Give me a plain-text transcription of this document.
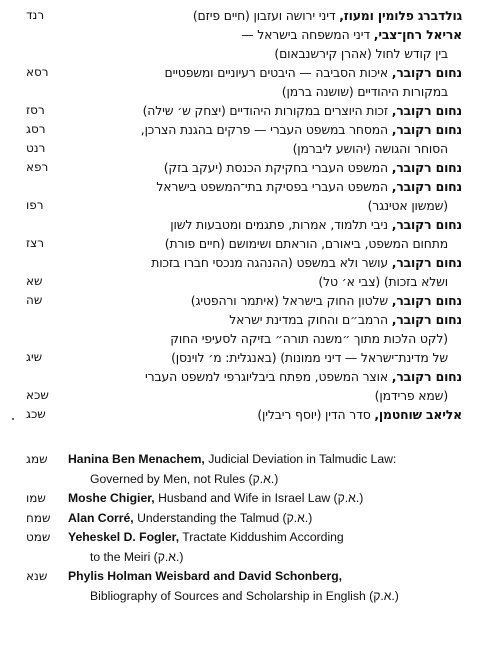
רנד	גולדברג פלומין ומעוז, דיני ירושה ועזבון (חיים פיזם)
אריאל רחן־צבי, דיני המשפחה בישראל —
בין קודש לחול (אהרן קירשנבאום)
רסא	נחום רקובר, איכות הסביבה — היבטים רעיוניים ומשפטיים
במקורות היהודיים (שושנה ברמן)
רסז	נחום רקובר, זכות היוצרים במקורות היהודיים (יצחק ש׳ שילה)
רסג	נחום רקובר, המסחר במשפט העברי — פרקים בהגנת הצרכן,
רנט	הסוחר והגושה (יהושע ליברמן)
רפא	נחום רקובר, המשפט העברי בחקיקת הכנסת (יעקב בזק)
נחום רקובר, המשפט העברי בפסיקת בתי־המשפט בישראל
רפו	(שמשון אטינגר)
נחום רקובר, ניבי תלמוד, אמרות, פתגמים ומטבעות לשון
רצז	מתחום המשפט, ביאורם, הוראתם ושימושם (חיים פורת)
נחום רקובר, עושר ולא במשפט (ההנהגה מנכסי חברו בזכות
שא	ושלא בזכות) (צבי א׳ טל)
שה	נחום רקובר, שלטון החוק בישראל (איתמר ורהפטיג)
נחום רקובר, הרמב״ם והחוק במדינת ישראל
(לקט הלכות מתוך ״משנה תורה״ בזיקה לסעיפי החוק
שיג	של מדינת־ישראל — דיני ממונות) (באנגלית: מ׳ לוינסן)
נחום רקובר, אוצר המשפט, מפתח ביבליוגרפי למשפט העברי
שכא	(שמא פרידמן)
שכג	אליאב שוחטמן, סדר הדין (יוסף ריבלין)
שמג	Hanina Ben Menachem, Judicial Deviation in Talmudic Law:
Governed by Men, not Rules (א.ק.)
שמו	Moshe Chigier, Husband and Wife in Israel Law (א.ק.)
שמח	Alan Corré, Understanding the Talmud (א.ק.)
שמט	Yeheskel D. Fogler, Tractate Kiddushim According
to the Meiri (א.ק.)
שנא	Phylis Holman Weisbard and David Schonberg,
Bibliography of Sources and Scholarship in English (א.ק.)
